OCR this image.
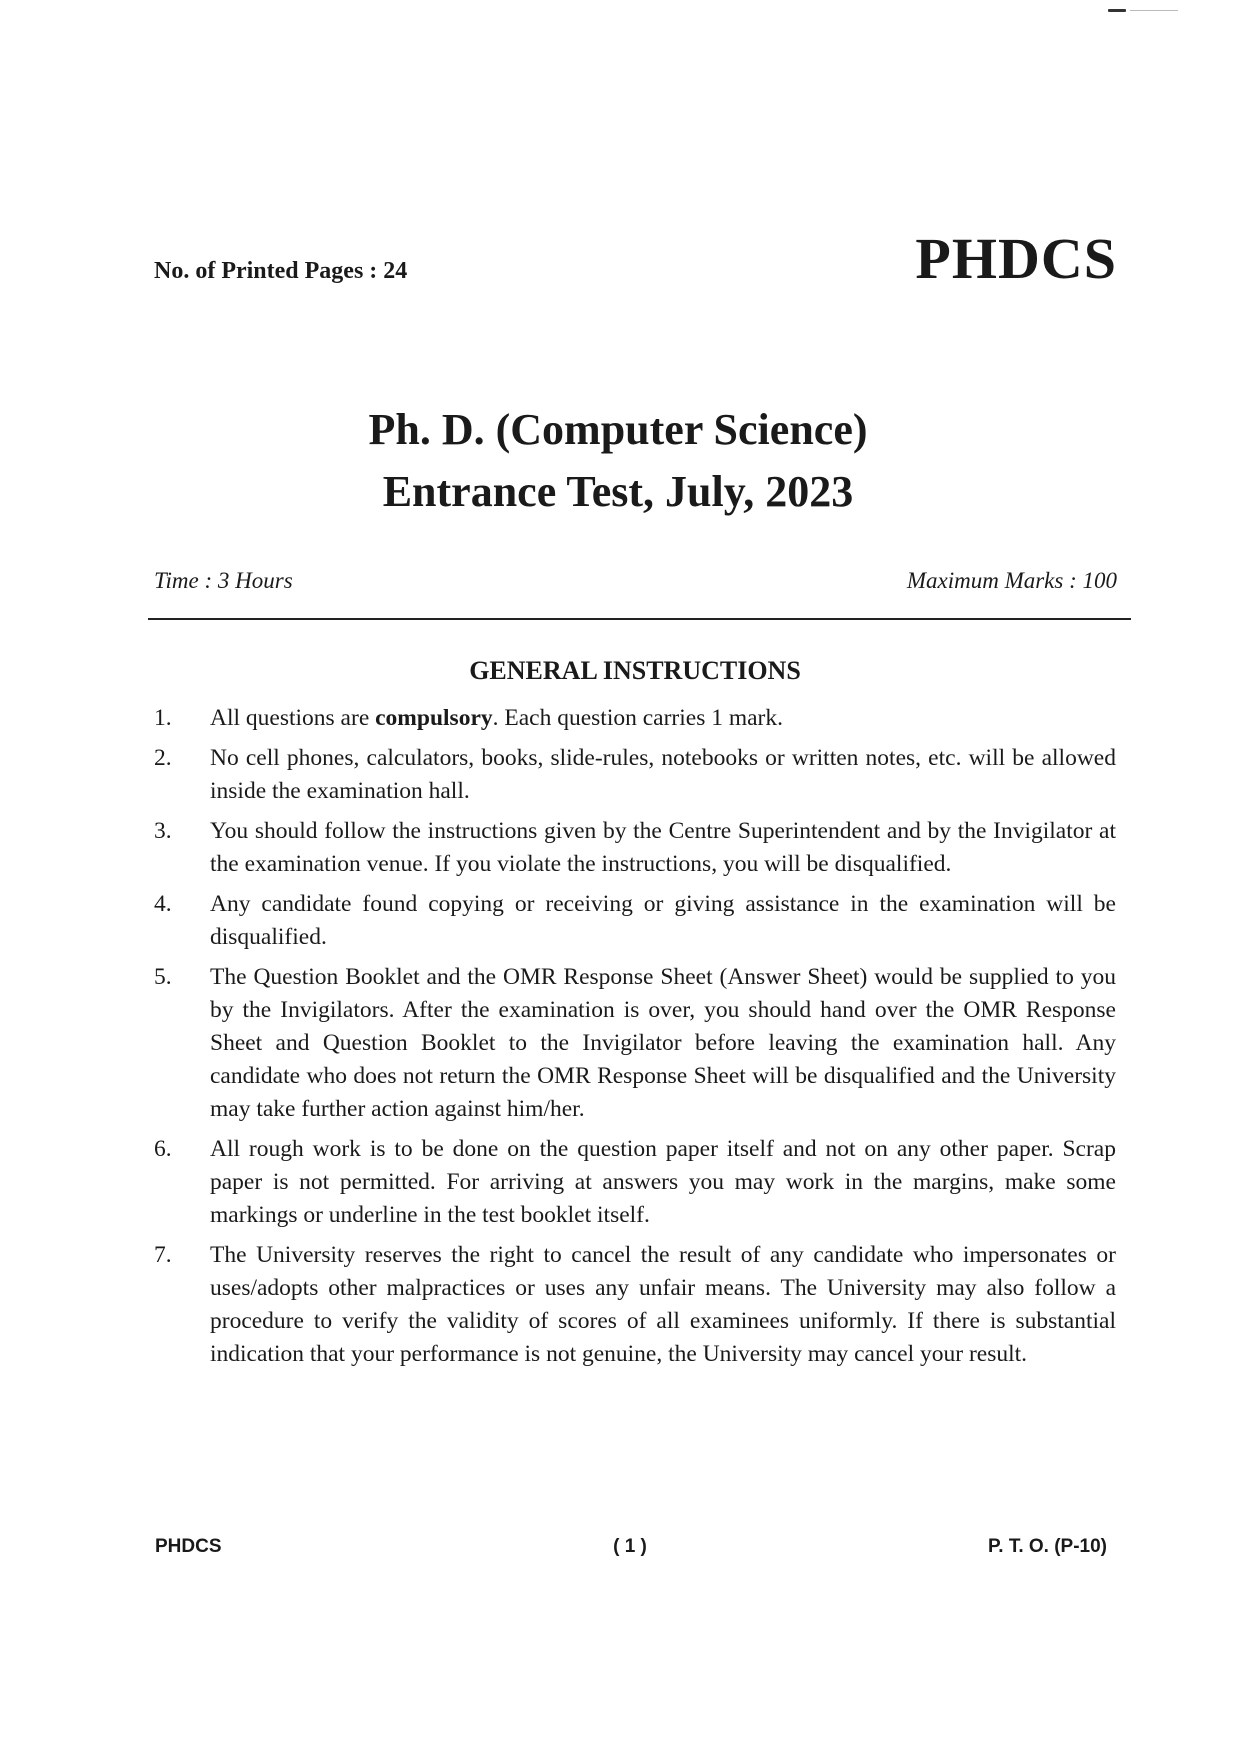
No. of Printed Pages : 24	PHDCS
Ph. D. (Computer Science)
Entrance Test, July, 2023
Time : 3 Hours	Maximum Marks : 100
GENERAL INSTRUCTIONS
1. All questions are compulsory. Each question carries 1 mark.
2. No cell phones, calculators, books, slide-rules, notebooks or written notes, etc. will be allowed inside the examination hall.
3. You should follow the instructions given by the Centre Superintendent and by the Invigilator at the examination venue. If you violate the instructions, you will be disqualified.
4. Any candidate found copying or receiving or giving assistance in the examination will be disqualified.
5. The Question Booklet and the OMR Response Sheet (Answer Sheet) would be supplied to you by the Invigilators. After the examination is over, you should hand over the OMR Response Sheet and Question Booklet to the Invigilator before leaving the examination hall. Any candidate who does not return the OMR Response Sheet will be disqualified and the University may take further action against him/her.
6. All rough work is to be done on the question paper itself and not on any other paper. Scrap paper is not permitted. For arriving at answers you may work in the margins, make some markings or underline in the test booklet itself.
7. The University reserves the right to cancel the result of any candidate who impersonates or uses/adopts other malpractices or uses any unfair means. The University may also follow a procedure to verify the validity of scores of all examinees uniformly. If there is substantial indication that your performance is not genuine, the University may cancel your result.
PHDCS	( 1 )	P. T. O. (P-10)
